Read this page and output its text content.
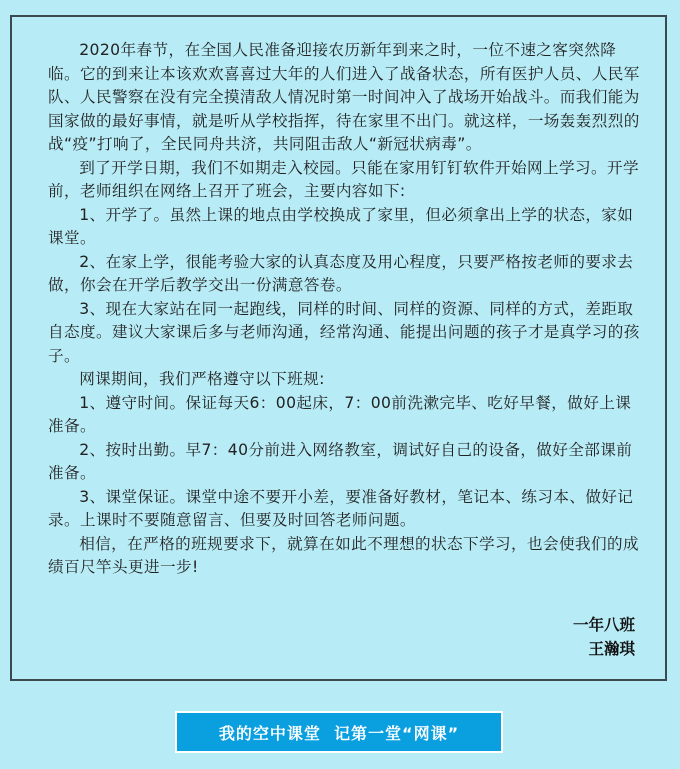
2020年春节，在全国人民准备迎接农历新年到来之时，一位不速之客突然降临。它的到来让本该欢欢喜喜过大年的人们进入了战备状态，所有医护人员、人民军队、人民警察在没有完全摸清敌人情况时第一时间冲入了战场开始战斗。而我们能为国家做的最好事情，就是听从学校指挥，待在家里不出门。就这样，一场轰轰烈烈的战“疫”打响了，全民同舟共济，共同阻击敌人“新冠状病毒”。

到了开学日期，我们不如期走入校园。只能在家用钉钉软件开始网上学习。开学前，老师组织在网络上召开了班会，主要内容如下:

1、开学了。虽然上课的地点由学校换成了家里，但必须拿出上学的状态，家如课堂。

2、在家上学，很能考验大家的认真态度及用心程度，只要严格按老师的要求去做，你会在开学后教学交出一份满意答卷。

3、现在大家站在同一起跑线，同样的时间、同样的资源、同样的方式，差距取自态度。建议大家课后多与老师沟通，经常沟通、能提出问题的孩子才是真学习的孩子。

网课期间，我们严格遵守以下班规:

1、遵守时间。保证每天6：00起床，7：00前洗漱完毕、吃好早餐，做好上课准备。

2、按时出勤。早7：40分前进入网络教室，调试好自己的设备，做好全部课前准备。

3、课堂保证。课堂中途不要开小差，要准备好教材，笔记本、练习本、做好记录。上课时不要随意留言、但要及时回答老师问题。

相信，在严格的班规要求下，就算在如此不理想的状态下学习，也会使我们的成绩百尺竿头更进一步!

一年八班
王瀚琪
我的空中课堂  记第一堂“网课”
